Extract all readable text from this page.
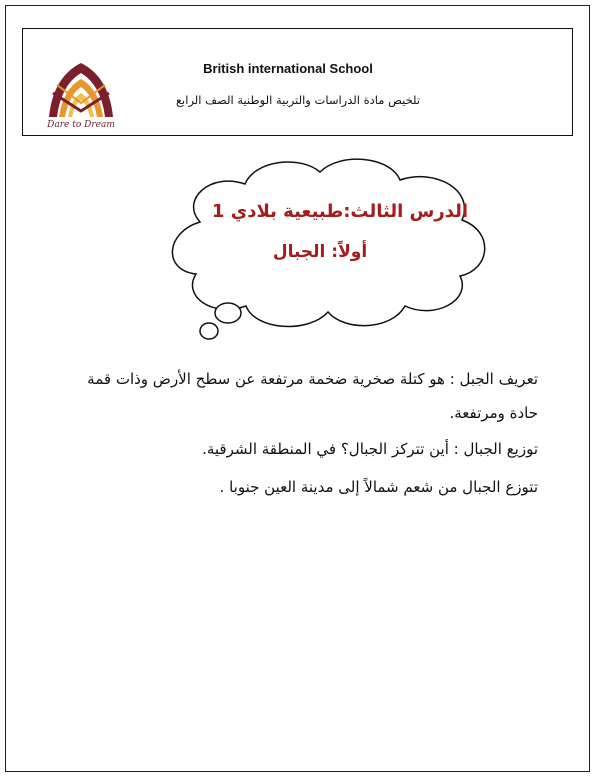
Dare to Dream
British international School
تلخيص مادة الدراسات والتربية الوطنية الصف الرابع
الدرس الثالث:طبيعية بلادي 1
أولاً: الجبال
تعريف الجبل : هو كتلة صخرية ضخمة مرتفعة عن سطح الأرض وذات قمة
حادة ومرتفعة.
توزيع الجبال : أين تتركز الجبال؟ في المنطقة الشرقية.
تتوزع الجبال من شعم شمالاً إلى مدينة العين جنوبا .
